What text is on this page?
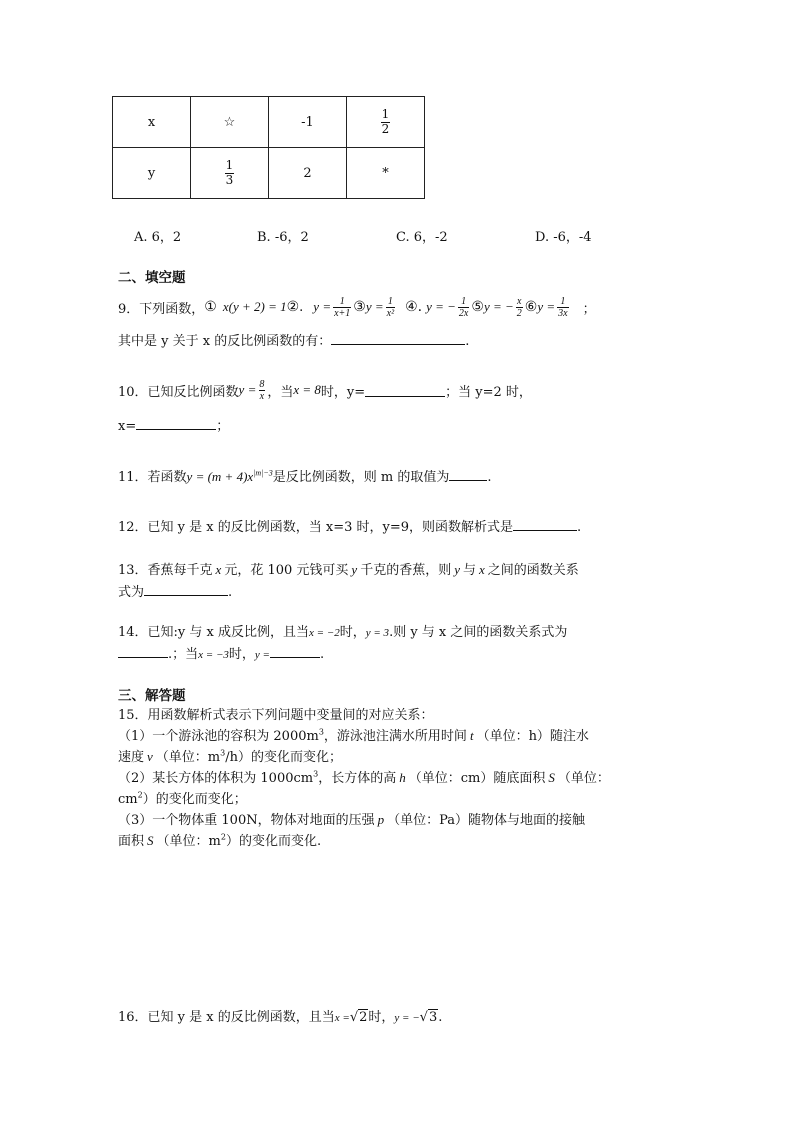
x	☆	-1	$\frac{1}{2}$

y	$\frac{1}{3}$	2	*
A. 6，2	B. -6，2	C. 6，-2	D. -6，-4
二、填空题
9．下列函数， ① x(y + 2) = 1 ② . $y = \frac{1}{x+1}$ ③ $y = \frac{1}{\text{x²}}$ ④. y = − $\frac{1}{2x}$ ⑤ y = − $\frac{x}{2}$ ⑥ $y = \frac{1}{3x}$ ；
其中是 y 关于 x 的反比例函数的有：	.
10．已知反比例函数 $y = \frac{8}{x}$ ，当 x = 8 时，y=	；当 y=2 时，
x=	；
11．若函数$y = (m + 4)x^{|m|-3}$是反比例函数，则 m 的取值为	.
12．已知 y 是 x 的反比例函数，当 x=3 时，y=9，则函数解析式是	.
13．香蕉每千克 x 元，花 100 元钱可买 y 千克的香蕉，则 y 与 x 之间的函数关系
式为	.
14．已知:y 与 x 成反比例，且当x = −2时，y = 3.则 y 与 x 之间的函数关系式为
.；当x = −3时，y =	.
三、解答题
15．用函数解析式表示下列问题中变量间的对应关系：
（1）一个游泳池的容积为 $2000m^3$，游泳池注满水所用时间 t （单位：h）随注水
速度 v （单位：$m^3/h$）的变化而变化；
（2）某长方体的体积为 $1000cm^3$，长方体的高 h （单位：cm）随底面积 S （单位：
$cm^2$）的变化而变化；
（3）一个物体重 100N，物体对地面的压强 p （单位：Pa）随物体与地面的接触
面积 S （单位：$m^2$）的变化而变化.
16．已知 y 是 x 的反比例函数，且当x =√2时，y = −√3.
